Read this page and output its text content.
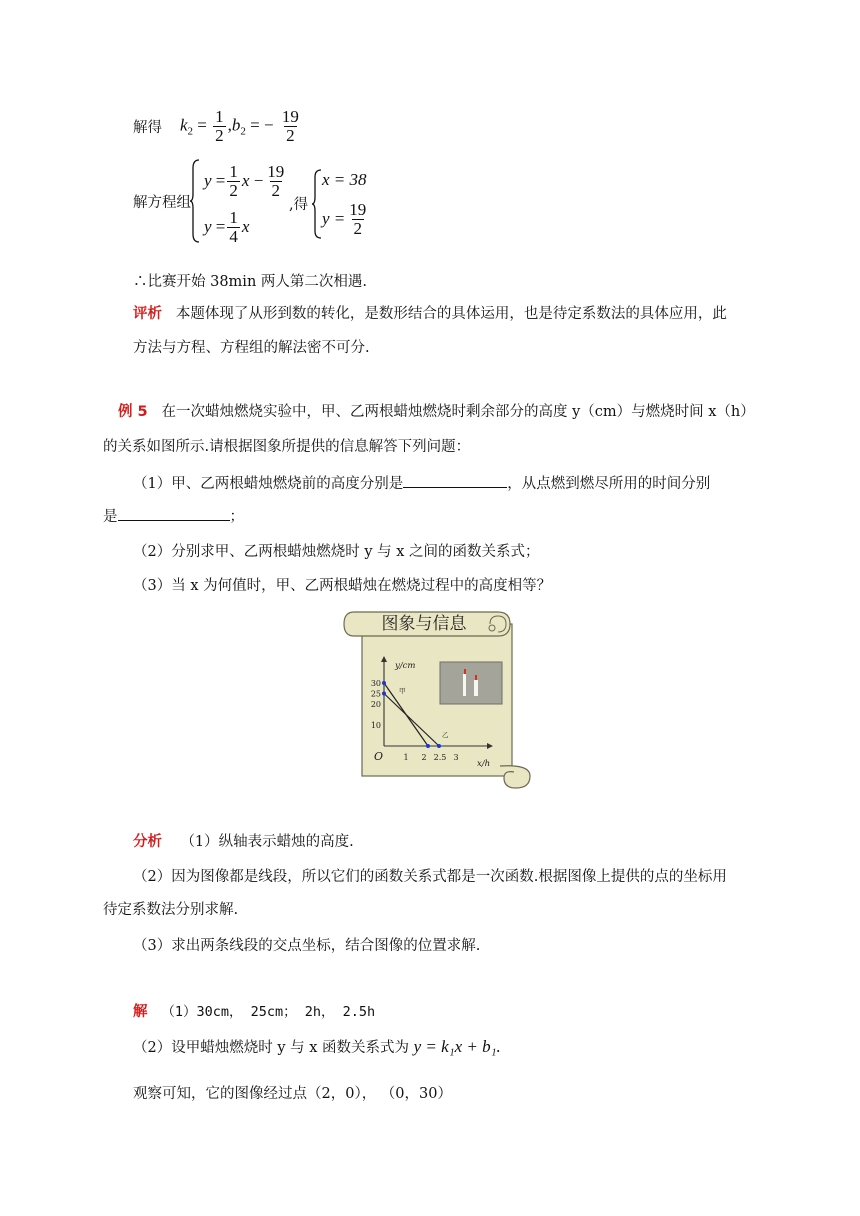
解得 $k_2 = \frac{1}{2} ,b_2$ = − $\frac{19}{2}$
解方程组
y
= $\frac{1}{2}$ x
− $\frac{19}{2}$
y
= $\frac{1}{4}$ x
,得
x = 38
$y = \frac{19}{2}$
∴比赛开始 38min 两人第二次相遇.
评析 本题体现了从形到数的转化，是数形结合的具体运用，也是待定系数法的具体应用，此
方法与方程、方程组的解法密不可分.
例 5 在一次蜡烛燃烧实验中，甲、乙两根蜡烛燃烧时剩余部分的高度 y（cm）与燃烧时间 x（h）
的关系如图所示.请根据图象所提供的信息解答下列问题：
（1）甲、乙两根蜡烛燃烧前的高度分别是	，从点燃到燃尽所用的时间分别
是	；
（2）分别求甲、乙两根蜡烛燃烧时 y 与 x 之间的函数关系式；
（3）当 x 为何值时，甲、乙两根蜡烛在燃烧过程中的高度相等？
图象与信息
y/cm
x/h
O
30
25
20
10
1 2 2.5 3
甲
乙
分析 （1）纵轴表示蜡烛的高度.
（2）因为图像都是线段，所以它们的函数关系式都是一次函数.根据图像上提供的点的坐标用
待定系数法分别求解.
（3）求出两条线段的交点坐标，结合图像的位置求解.
解 （1）30cm， 25cm； 2h， 2.5h
（2）设甲蜡烛燃烧时 y 与 x 函数关系式为 y = k₁x + b₁.
观察可知，它的图像经过点（2，0）， （0，30）
